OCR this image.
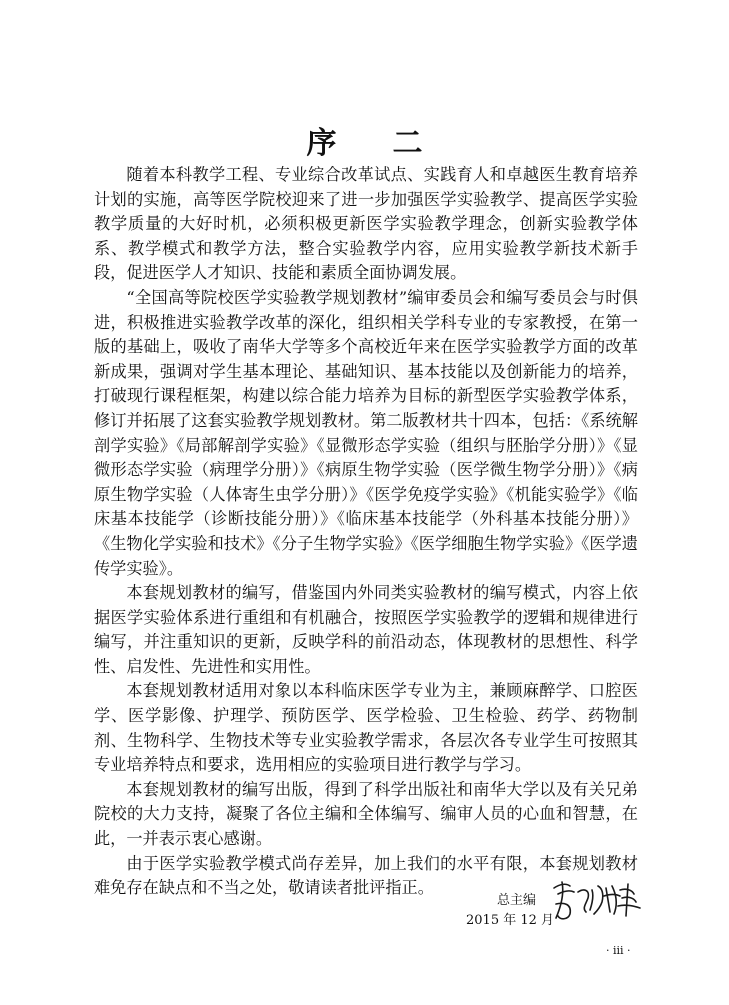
序 二

随着本科教学工程、专业综合改革试点、实践育人和卓越医生教育培养计划的实施，高等医学院校迎来了进一步加强医学实验教学、提高医学实验教学质量的大好时机，必须积极更新医学实验教学理念，创新实验教学体系、教学模式和教学方法，整合实验教学内容，应用实验教学新技术新手段，促进医学人才知识、技能和素质全面协调发展。

“全国高等院校医学实验教学规划教材”编审委员会和编写委员会与时俱进，积极推进实验教学改革的深化，组织相关学科专业的专家教授，在第一版的基础上，吸收了南华大学等多个高校近年来在医学实验教学方面的改革新成果，强调对学生基本理论、基础知识、基本技能以及创新能力的培养，打破现行课程框架，构建以综合能力培养为目标的新型医学实验教学体系，修订并拓展了这套实验教学规划教材。第二版教材共十四本，包括：《系统解剖学实验》《局部解剖学实验》《显微形态学实验（组织与胚胎学分册）》《显微形态学实验（病理学分册）》《病原生物学实验（医学微生物学分册）》《病原生物学实验（人体寄生虫学分册）》《医学免疫学实验》《机能实验学》《临床基本技能学（诊断技能分册）》《临床基本技能学（外科基本技能分册）》《生物化学实验和技术》《分子生物学实验》《医学细胞生物学实验》《医学遗传学实验》。

本套规划教材的编写，借鉴国内外同类实验教材的编写模式，内容上依据医学实验体系进行重组和有机融合，按照医学实验教学的逻辑和规律进行编写，并注重知识的更新，反映学科的前沿动态，体现教材的思想性、科学性、启发性、先进性和实用性。

本套规划教材适用对象以本科临床医学专业为主，兼顾麻醉学、口腔医学、医学影像、护理学、预防医学、医学检验、卫生检验、药学、药物制剂、生物科学、生物技术等专业实验教学需求，各层次各专业学生可按照其专业培养特点和要求，选用相应的实验项目进行教学与学习。

本套规划教材的编写出版，得到了科学出版社和南华大学以及有关兄弟院校的大力支持，凝聚了各位主编和全体编写、编审人员的心血和智慧，在此，一并表示衷心感谢。

由于医学实验教学模式尚存差异，加上我们的水平有限，本套规划教材难免存在缺点和不当之处，敬请读者批评指正。

总主编
2015 年 12 月
· iii ·
